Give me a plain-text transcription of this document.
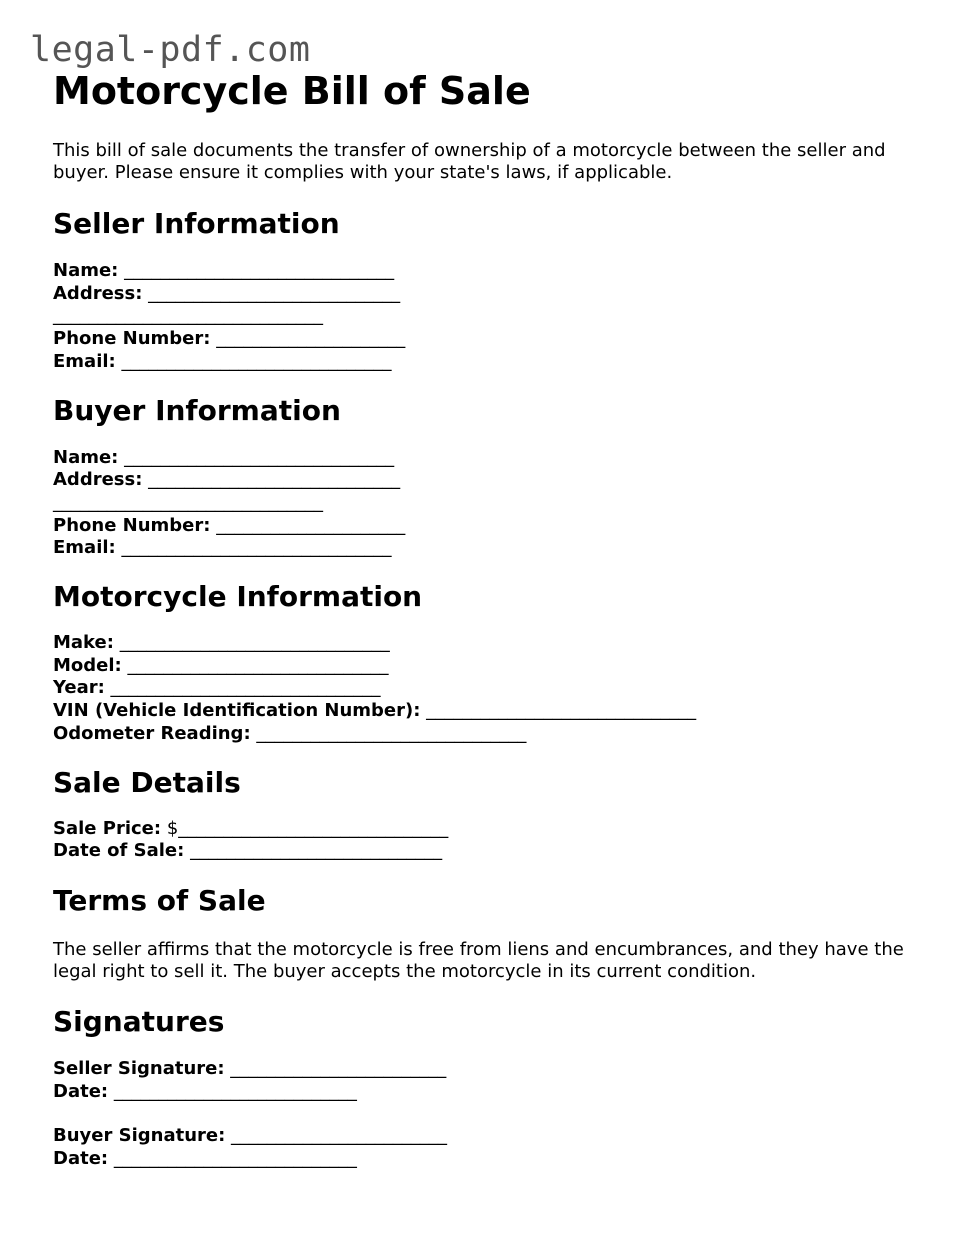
legal-pdf.com
Motorcycle Bill of Sale

This bill of sale documents the transfer of ownership of a motorcycle between the seller and buyer. Please ensure it complies with your state's laws, if applicable.

Seller Information
Name: ______________________________
Address: ____________________________
______________________________
Phone Number: _____________________
Email: ______________________________
Buyer Information
Name: ______________________________
Address: ____________________________
______________________________
Phone Number: _____________________
Email: ______________________________
Motorcycle Information
Make: ______________________________
Model: _____________________________
Year: ______________________________
VIN (Vehicle Identification Number): ______________________________
Odometer Reading: ______________________________
Sale Details
Sale Price: $______________________________
Date of Sale: ____________________________
Terms of Sale

The seller affirms that the motorcycle is free from liens and encumbrances, and they have the legal right to sell it. The buyer accepts the motorcycle in its current condition.

Signatures
Seller Signature: ________________________
Date: ___________________________
Buyer Signature: ________________________
Date: ___________________________
